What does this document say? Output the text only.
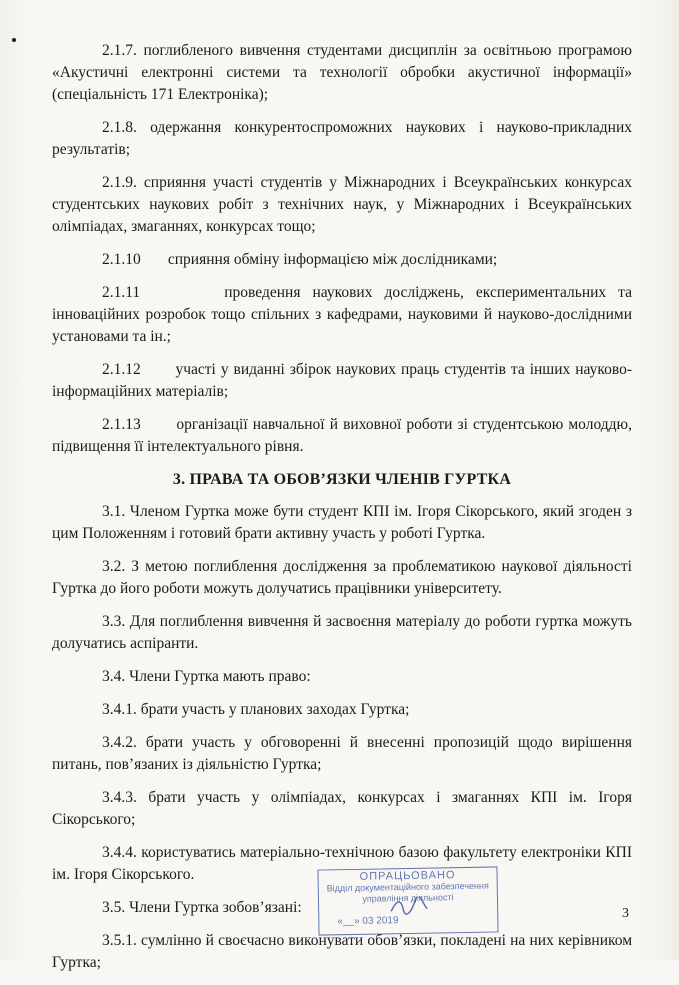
2.1.7. поглибленого вивчення студентами дисциплін за освітньою програмою «Акустичні електронні системи та технології обробки акустичної інформації» (спеціальність 171 Електроніка);

2.1.8. одержання конкурентоспроможних наукових і науково-прикладних результатів;

2.1.9. сприяння участі студентів у Міжнародних і Всеукраїнських конкурсах студентських наукових робіт з технічних наук, у Міжнародних і Всеукраїнських олімпіадах, змаганнях, конкурсах тощо;

2.1.10 сприяння обміну інформацією між дослідниками;

2.1.11	проведення наукових досліджень, експериментальних та інноваційних розробок тощо спільних з кафедрами, науковими й науково-дослідними установами та ін.;

2.1.12 участі у виданні збірок наукових праць студентів та інших науково-інформаційних матеріалів;

2.1.13 організації навчальної й виховної роботи зі студентською молоддю, підвищення її інтелектуального рівня.

3. ПРАВА ТА ОБОВ’ЯЗКИ ЧЛЕНІВ ГУРТКА

3.1. Членом Гуртка може бути студент КПІ ім. Ігоря Сікорського, який згоден з цим Положенням і готовий брати активну участь у роботі Гуртка.

3.2. З метою поглиблення дослідження за проблематикою наукової діяльності Гуртка до його роботи можуть долучатись працівники університету.

3.3. Для поглиблення вивчення й засвоєння матеріалу до роботи гуртка можуть долучатись аспіранти.

3.4. Члени Гуртка мають право:

3.4.1. брати участь у планових заходах Гуртка;

3.4.2. брати участь у обговоренні й внесенні пропозицій щодо вирішення питань, пов’язаних із діяльністю Гуртка;

3.4.3. брати участь у олімпіадах, конкурсах і змаганнях КПІ ім. Ігоря Сікорського;

3.4.4. користуватись матеріально-технічною базою факультету електроніки КПІ ім. Ігоря Сікорського.

3.5. Члени Гуртка зобов’язані:

3.5.1. сумлінно й своєчасно виконувати обов’язки, покладені на них керівником Гуртка;

ОПРАЦЬОВАНО
Відділ документаційного забезпечення
управління діяльності
«__» 03 2019
3
